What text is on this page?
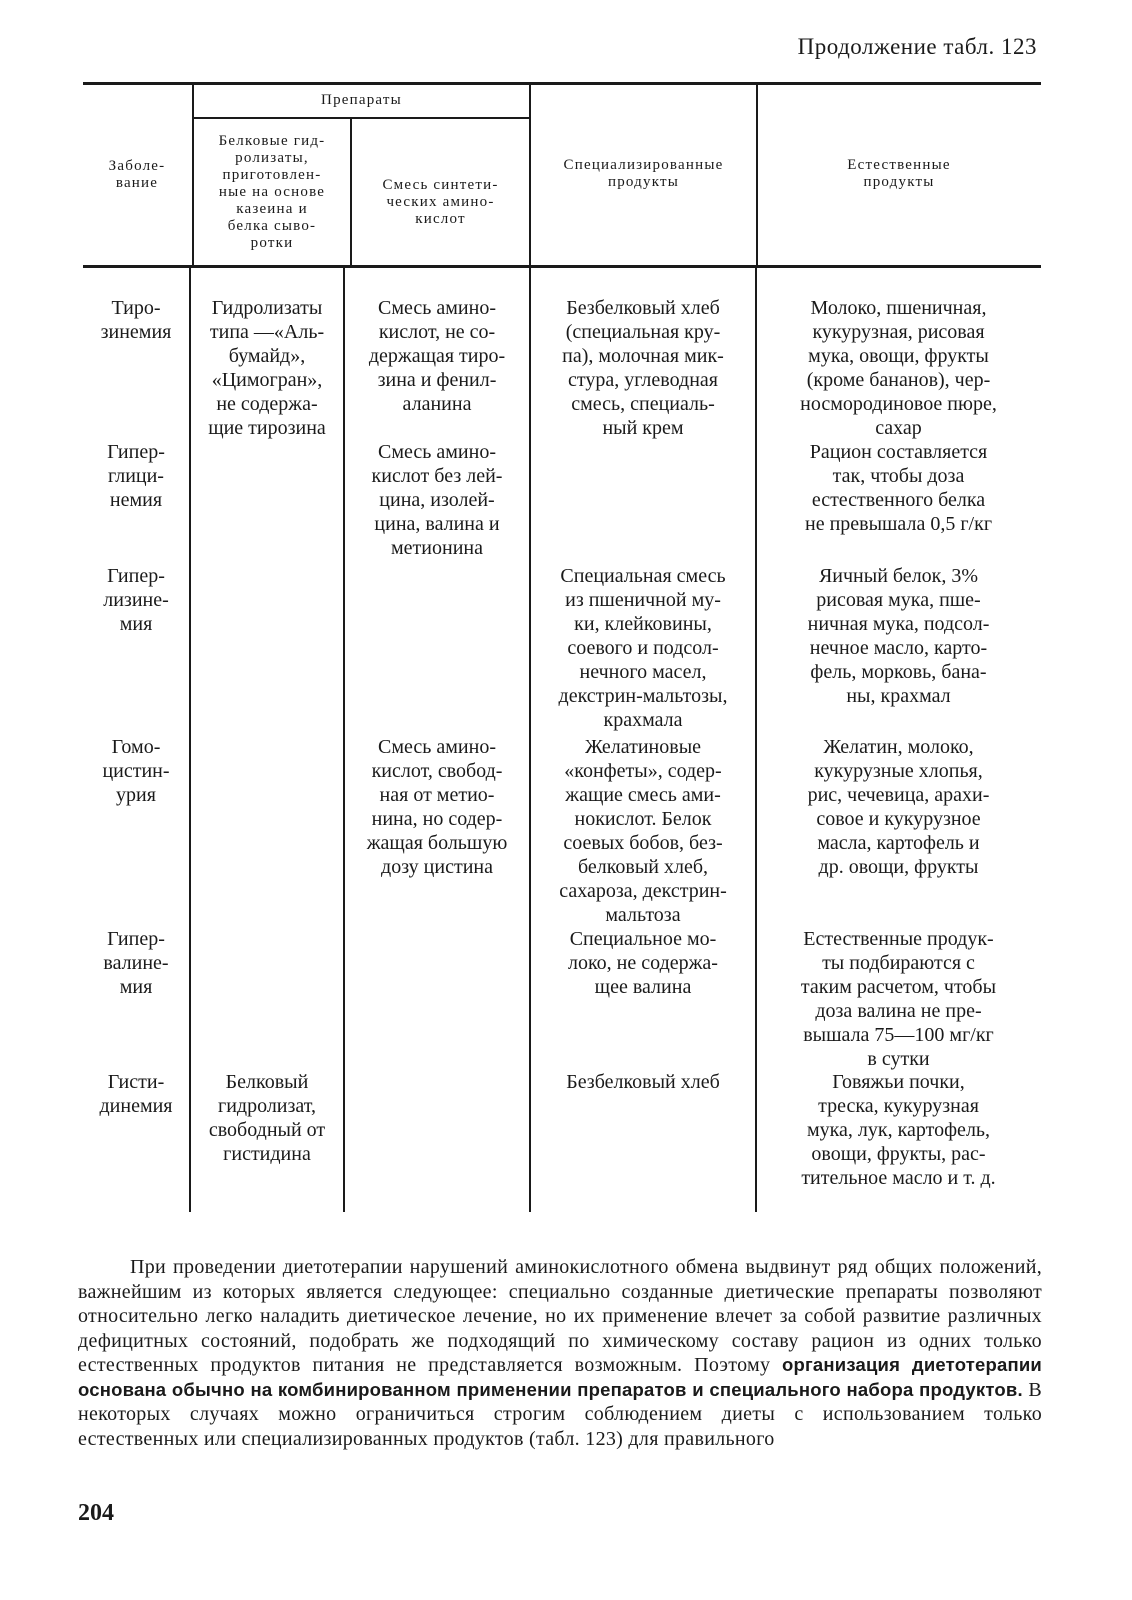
Продолжение табл. 123
Заболе-
вание
Препараты
Белковые гид-
ролизаты,
приготовлен-
ные на основе
казеина и
белка сыво-
ротки
Смесь синтети-
ческих амино-
кислот
Специализированные
продукты
Естественные
продукты
Тиро-
зинемия
Гидролизаты
типа —«Аль-
бумайд»,
«Цимогран»,
не содержа-
щие тирозина
Смесь амино-
кислот, не со-
держащая тиро-
зина и фенил-
аланина
Безбелковый хлеб
(специальная кру-
па), молочная мик-
стура, углеводная
смесь, специаль-
ный крем
Молоко, пшеничная,
кукурузная, рисовая
мука, овощи, фрукты
(кроме бананов), чер-
носмородиновое пюре,
сахар
Гипер-
глици-
немия
Смесь амино-
кислот без лей-
цина, изолей-
цина, валина и
метионина
Рацион составляется
так, чтобы доза
естественного белка
не превышала 0,5 г/кг
Гипер-
лизине-
мия
Специальная смесь
из пшеничной му-
ки, клейковины,
соевого и подсол-
нечного масел,
декстрин-мальтозы,
крахмала
Яичный белок, 3%
рисовая мука, пше-
ничная мука, подсол-
нечное масло, карто-
фель, морковь, бана-
ны, крахмал
Гомо-
цистин-
урия
Смесь амино-
кислот, свобод-
ная от метио-
нина, но содер-
жащая большую
дозу цистина
Желатиновые
«конфеты», содер-
жащие смесь ами-
нокислот. Белок
соевых бобов, без-
белковый хлеб,
сахароза, декстрин-
мальтоза
Желатин, молоко,
кукурузные хлопья,
рис, чечевица, арахи-
совое и кукурузное
масла, картофель и
др. овощи, фрукты
Гипер-
валине-
мия
Специальное мо-
локо, не содержа-
щее валина
Естественные продук-
ты подбираются с
таким расчетом, чтобы
доза валина не пре-
вышала 75—100 мг/кг
в сутки
Гисти-
динемия
Белковый
гидролизат,
свободный от
гистидина
Безбелковый хлеб	Говяжьи почки,
треска, кукурузная
мука, лук, картофель,
овощи, фрукты, рас-
тительное масло и т. д.
При проведении диетотерапии нарушений аминокислотного обмена выдвинут ряд общих положений, важнейшим из которых является следующее: специально созданные диетические препараты позволяют относительно легко наладить диетическое лечение, но их применение влечет за собой развитие различных дефицитных состояний, подобрать же подходящий по химическому составу рацион из одних только естественных продуктов питания не представляется возможным. Поэтому организация диетотерапии основана обычно на комбинированном применении препаратов и специального набора продуктов. В некоторых случаях можно ограничиться строгим соблюдением диеты с использованием только естественных или специализированных продуктов (табл. 123) для правильного
204
